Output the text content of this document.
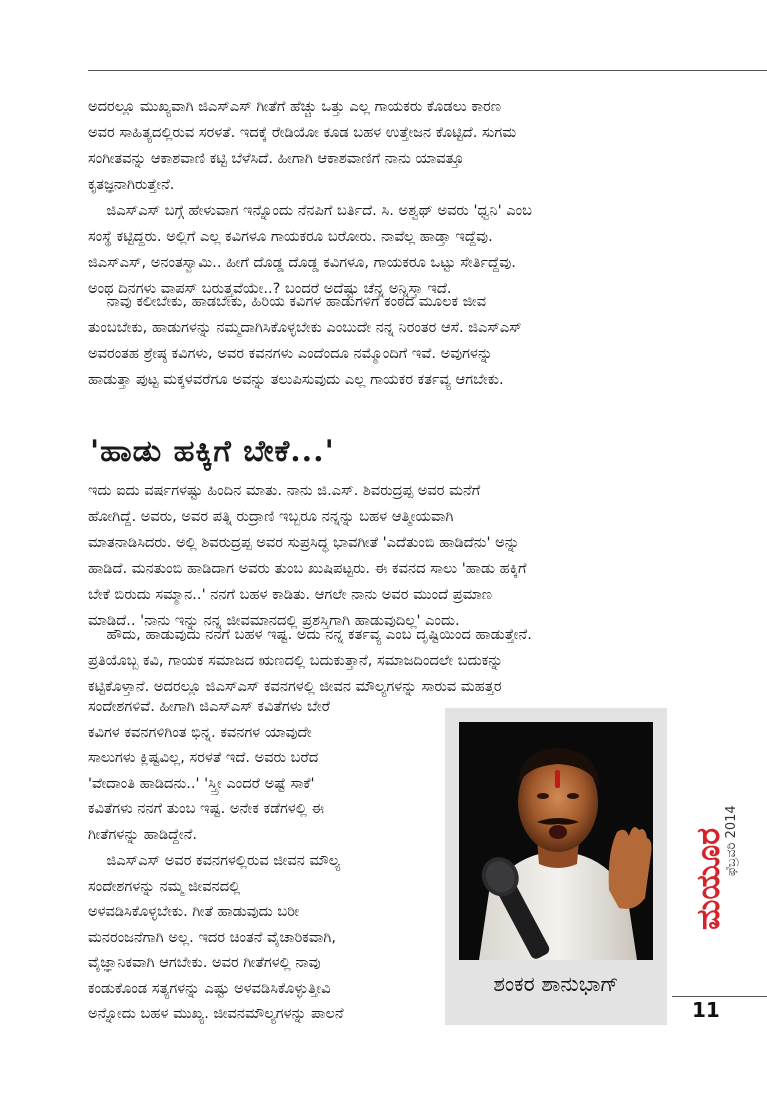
ಅದರಲ್ಲೂ ಮುಖ್ಯವಾಗಿ ಜಿಎಸ್‌ಎಸ್ ಗೀತೆಗೆ ಹೆಚ್ಚು ಒತ್ತು ಎಲ್ಲ ಗಾಯಕರು ಕೊಡಲು ಕಾರಣ
ಅವರ ಸಾಹಿತ್ಯದಲ್ಲಿರುವ ಸರಳತೆ. ಇದಕ್ಕೆ ರೇಡಿಯೋ ಕೂಡ ಬಹಳ ಉತ್ತೇಜನ ಕೊಟ್ಟಿದೆ. ಸುಗಮ
ಸಂಗೀತವನ್ನು ಆಕಾಶವಾಣಿ ಕಟ್ಟಿ ಬೆಳೆಸಿದೆ. ಹೀಗಾಗಿ ಆಕಾಶವಾಣಿಗೆ ನಾನು ಯಾವತ್ತೂ
ಕೃತಜ್ಞನಾಗಿರುತ್ತೇನೆ.

ಜಿಎಸ್‌ಎಸ್ ಬಗ್ಗೆ ಹೇಳುವಾಗ ಇನ್ನೊಂದು ನೆನಪಿಗೆ ಬರ್ತಿದೆ. ಸಿ. ಅಶ್ವಥ್ ಅವರು 'ಧ್ವನಿ' ಎಂಬ
ಸಂಸ್ಥೆ ಕಟ್ಟಿದ್ದರು. ಅಲ್ಲಿಗೆ ಎಲ್ಲ ಕವಿಗಳೂ ಗಾಯಕರೂ ಬರೋರು. ನಾವೆಲ್ಲ ಹಾಡ್ತಾ ಇದ್ದೆವು.
ಜಿಎಸ್‌ಎಸ್, ಅನಂತಸ್ವಾಮಿ.. ಹೀಗೆ ದೊಡ್ಡ ದೊಡ್ಡ ಕವಿಗಳೂ, ಗಾಯಕರೂ ಒಟ್ಟು ಸೇರ್ತಿದ್ದೆವು.
ಅಂಥ ದಿನಗಳು ವಾಪಸ್ ಬರುತ್ತವೆಯೇ..? ಬಂದರೆ ಅದೆಷ್ಟು ಚೆನ್ನ ಅನ್ನಿಸ್ತಾ ಇದೆ.

ನಾವು ಕಲೀಬೇಕು, ಹಾಡಬೇಕು, ಹಿರಿಯ ಕವಿಗಳ ಹಾಡುಗಳಿಗೆ ಕಂಠದ ಮೂಲಕ ಜೀವ
ತುಂಬಬೇಕು, ಹಾಡುಗಳನ್ನು ನಮ್ಮದಾಗಿಸಿಕೊಳ್ಳಬೇಕು ಎಂಬುದೇ ನನ್ನ ನಿರಂತರ ಆಸೆ. ಜಿಎಸ್‌ಎಸ್
ಅವರಂತಹ ಶ್ರೇಷ್ಠ ಕವಿಗಳು, ಅವರ ಕವನಗಳು ಎಂದೆಂದೂ ನಮ್ಮೊಂದಿಗೆ ಇವೆ. ಅವುಗಳನ್ನು
ಹಾಡುತ್ತಾ ಪುಟ್ಟ ಮಕ್ಕಳವರೆಗೂ ಅವನ್ನು ತಲುಪಿಸುವುದು ಎಲ್ಲ ಗಾಯಕರ ಕರ್ತವ್ಯ ಆಗಬೇಕು.

'ಹಾಡು ಹಕ್ಕಿಗೆ ಬೇಕೆ...'

ಇದು ಐದು ವರ್ಷಗಳಷ್ಟು ಹಿಂದಿನ ಮಾತು. ನಾನು ಜಿ.ಎಸ್. ಶಿವರುದ್ರಪ್ಪ ಅವರ ಮನೆಗೆ
ಹೋಗಿದ್ದೆ. ಅವರು, ಅವರ ಪತ್ನಿ ರುದ್ರಾಣಿ ಇಬ್ಬರೂ ನನ್ನನ್ನು ಬಹಳ ಆತ್ಮೀಯವಾಗಿ
ಮಾತನಾಡಿಸಿದರು. ಅಲ್ಲಿ ಶಿವರುದ್ರಪ್ಪ ಅವರ ಸುಪ್ರಸಿದ್ಧ ಭಾವಗೀತೆ 'ಎದೆತುಂಬಿ ಹಾಡಿದೆನು' ಅನ್ನು
ಹಾಡಿದೆ. ಮನತುಂಬಿ ಹಾಡಿದಾಗ ಅವರು ತುಂಬ ಖುಷಿಪಟ್ಟರು. ಈ ಕವನದ ಸಾಲು 'ಹಾಡು ಹಕ್ಕಿಗೆ
ಬೇಕೆ ಬಿರುದು ಸಮ್ಮಾನ..' ನನಗೆ ಬಹಳ ಕಾಡಿತು. ಆಗಲೇ ನಾನು ಅವರ ಮುಂದೆ ಪ್ರಮಾಣ
ಮಾಡಿದೆ.. 'ನಾನು ಇನ್ನು ನನ್ನ ಜೀವಮಾನದಲ್ಲಿ ಪ್ರಶಸ್ತಿಗಾಗಿ ಹಾಡುವುದಿಲ್ಲ' ಎಂದು.

ಹೌದು, ಹಾಡುವುದು ನನಗೆ ಬಹಳ ಇಷ್ಟ. ಅದು ನನ್ನ ಕರ್ತವ್ಯ ಎಂಬ ದೃಷ್ಟಿಯಿಂದ ಹಾಡುತ್ತೇನೆ.
ಪ್ರತಿಯೊಬ್ಬ ಕವಿ, ಗಾಯಕ ಸಮಾಜದ ಋಣದಲ್ಲಿ ಬದುಕುತ್ತಾನೆ, ಸಮಾಜದಿಂದಲೇ ಬದುಕನ್ನು
ಕಟ್ಟಿಕೊಳ್ತಾನೆ. ಅದರಲ್ಲೂ ಜಿಎಸ್‌ಎಸ್ ಕವನಗಳಲ್ಲಿ ಜೀವನ ಮೌಲ್ಯಗಳನ್ನು ಸಾರುವ ಮಹತ್ತರ

ಸಂದೇಶಗಳಿವೆ. ಹೀಗಾಗಿ ಜಿಎಸ್‌ಎಸ್ ಕವಿತೆಗಳು ಬೇರೆ
ಕವಿಗಳ ಕವನಗಳಿಗಿಂತ ಭಿನ್ನ. ಕವನಗಳ ಯಾವುದೇ
ಸಾಲುಗಳು ಕ್ಲಿಷ್ಟವಿಲ್ಲ, ಸರಳತೆ ಇದೆ. ಅವರು ಬರೆದ
'ವೇದಾಂತಿ ಹಾಡಿದನು..' 'ಸ್ತ್ರೀ ಎಂದರೆ ಅಷ್ಟೆ ಸಾಕೆ'
ಕವಿತೆಗಳು ನನಗೆ ತುಂಬ ಇಷ್ಟ. ಅನೇಕ ಕಡೆಗಳಲ್ಲಿ ಈ
ಗೀತೆಗಳನ್ನು ಹಾಡಿದ್ದೇನೆ.

ಜಿಎಸ್‌ಎಸ್ ಅವರ ಕವನಗಳಲ್ಲಿರುವ ಜೀವನ ಮೌಲ್ಯ
ಸಂದೇಶಗಳನ್ನು ನಮ್ಮ ಜೀವನದಲ್ಲಿ
ಅಳವಡಿಸಿಕೊಳ್ಳಬೇಕು. ಗೀತೆ ಹಾಡುವುದು ಬರೀ
ಮನರಂಜನೆಗಾಗಿ ಅಲ್ಲ. ಇದರ ಚಿಂತನೆ ವೈಚಾರಿಕವಾಗಿ,
ವೈಜ್ಞಾನಿಕವಾಗಿ ಆಗಬೇಕು. ಅವರ ಗೀತೆಗಳಲ್ಲಿ ನಾವು
ಕಂಡುಕೊಂಡ ಸತ್ಯಗಳನ್ನು ಎಷ್ಟು ಅಳವಡಿಸಿಕೊಳ್ಳುತ್ತೀವಿ
ಅನ್ನೋದು ಬಹಳ ಮುಖ್ಯ. ಜೀವನಮೌಲ್ಯಗಳನ್ನು ಪಾಲನೆ

ಶಂಕರ ಶಾನುಭಾಗ್
ಮಯೂರ
ಫೆಬ್ರವರಿ 2014
11
